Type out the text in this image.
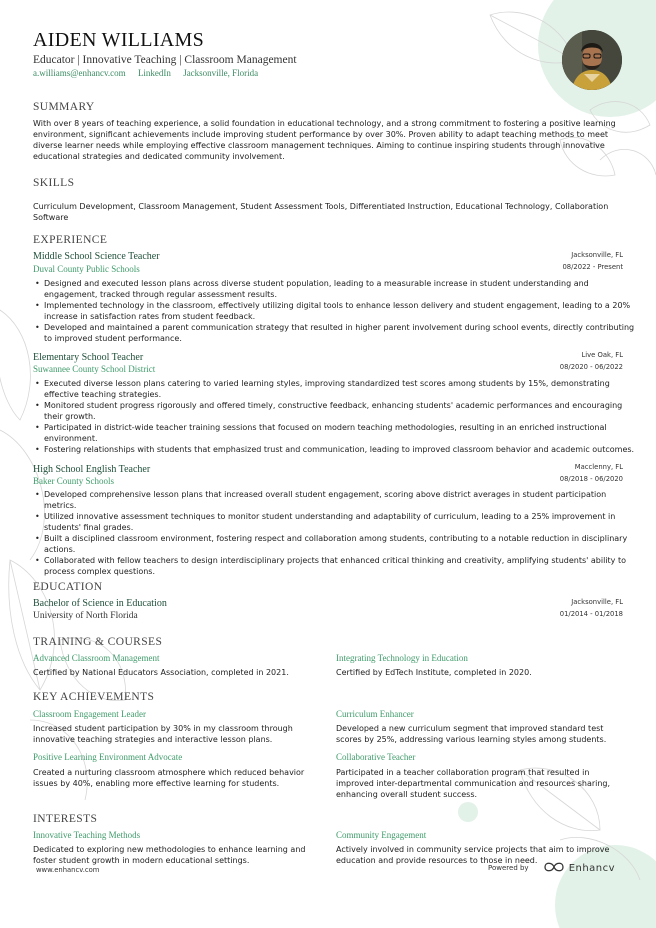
AIDEN WILLIAMS
Educator | Innovative Teaching | Classroom Management
a.williams@enhancv.com LinkedIn Jacksonville, Florida
SUMMARY
With over 8 years of teaching experience, a solid foundation in educational technology, and a strong commitment to fostering a positive learning environment, significant achievements include improving student performance by over 30%. Proven ability to adapt teaching methods to meet diverse learner needs while employing effective classroom management techniques. Aiming to continue inspiring students through innovative educational strategies and dedicated community involvement.
SKILLS
Curriculum Development, Classroom Management, Student Assessment Tools, Differentiated Instruction, Educational Technology, Collaboration Software
EXPERIENCE
Middle School Science Teacher
Duval County Public Schools
Jacksonville, FL
08/2022 - Present
• Designed and executed lesson plans across diverse student population, leading to a measurable increase in student understanding and engagement, tracked through regular assessment results.
• Implemented technology in the classroom, effectively utilizing digital tools to enhance lesson delivery and student engagement, leading to a 20% increase in satisfaction rates from student feedback.
• Developed and maintained a parent communication strategy that resulted in higher parent involvement during school events, directly contributing to improved student performance.
Elementary School Teacher
Suwannee County School District
Live Oak, FL
08/2020 - 06/2022
• Executed diverse lesson plans catering to varied learning styles, improving standardized test scores among students by 15%, demonstrating effective teaching strategies.
• Monitored student progress rigorously and offered timely, constructive feedback, enhancing students' academic performances and encouraging their growth.
• Participated in district-wide teacher training sessions that focused on modern teaching methodologies, resulting in an enriched instructional environment.
• Fostering relationships with students that emphasized trust and communication, leading to improved classroom behavior and academic outcomes.
High School English Teacher
Baker County Schools
Macclenny, FL
08/2018 - 06/2020
• Developed comprehensive lesson plans that increased overall student engagement, scoring above district averages in student participation metrics.
• Utilized innovative assessment techniques to monitor student understanding and adaptability of curriculum, leading to a 25% improvement in students' final grades.
• Built a disciplined classroom environment, fostering respect and collaboration among students, contributing to a notable reduction in disciplinary actions.
• Collaborated with fellow teachers to design interdisciplinary projects that enhanced critical thinking and creativity, amplifying students' ability to process complex questions.
EDUCATION
Bachelor of Science in Education
University of North Florida
Jacksonville, FL
01/2014 - 01/2018
TRAINING & COURSES
Advanced Classroom Management
Certified by National Educators Association, completed in 2021.
Integrating Technology in Education
Certified by EdTech Institute, completed in 2020.
KEY ACHIEVEMENTS
Classroom Engagement Leader
Increased student participation by 30% in my classroom through innovative teaching strategies and interactive lesson plans.
Curriculum Enhancer
Developed a new curriculum segment that improved standard test scores by 25%, addressing various learning styles among students.
Positive Learning Environment Advocate
Created a nurturing classroom atmosphere which reduced behavior issues by 40%, enabling more effective learning for students.
Collaborative Teacher
Participated in a teacher collaboration program that resulted in improved inter-departmental communication and resources sharing, enhancing overall student success.
INTERESTS
Innovative Teaching Methods
Dedicated to exploring new methodologies to enhance learning and foster student growth in modern educational settings.
Community Engagement
Actively involved in community service projects that aim to improve education and provide resources to those in need.
www.enhancv.com	Powered by	Enhancv
